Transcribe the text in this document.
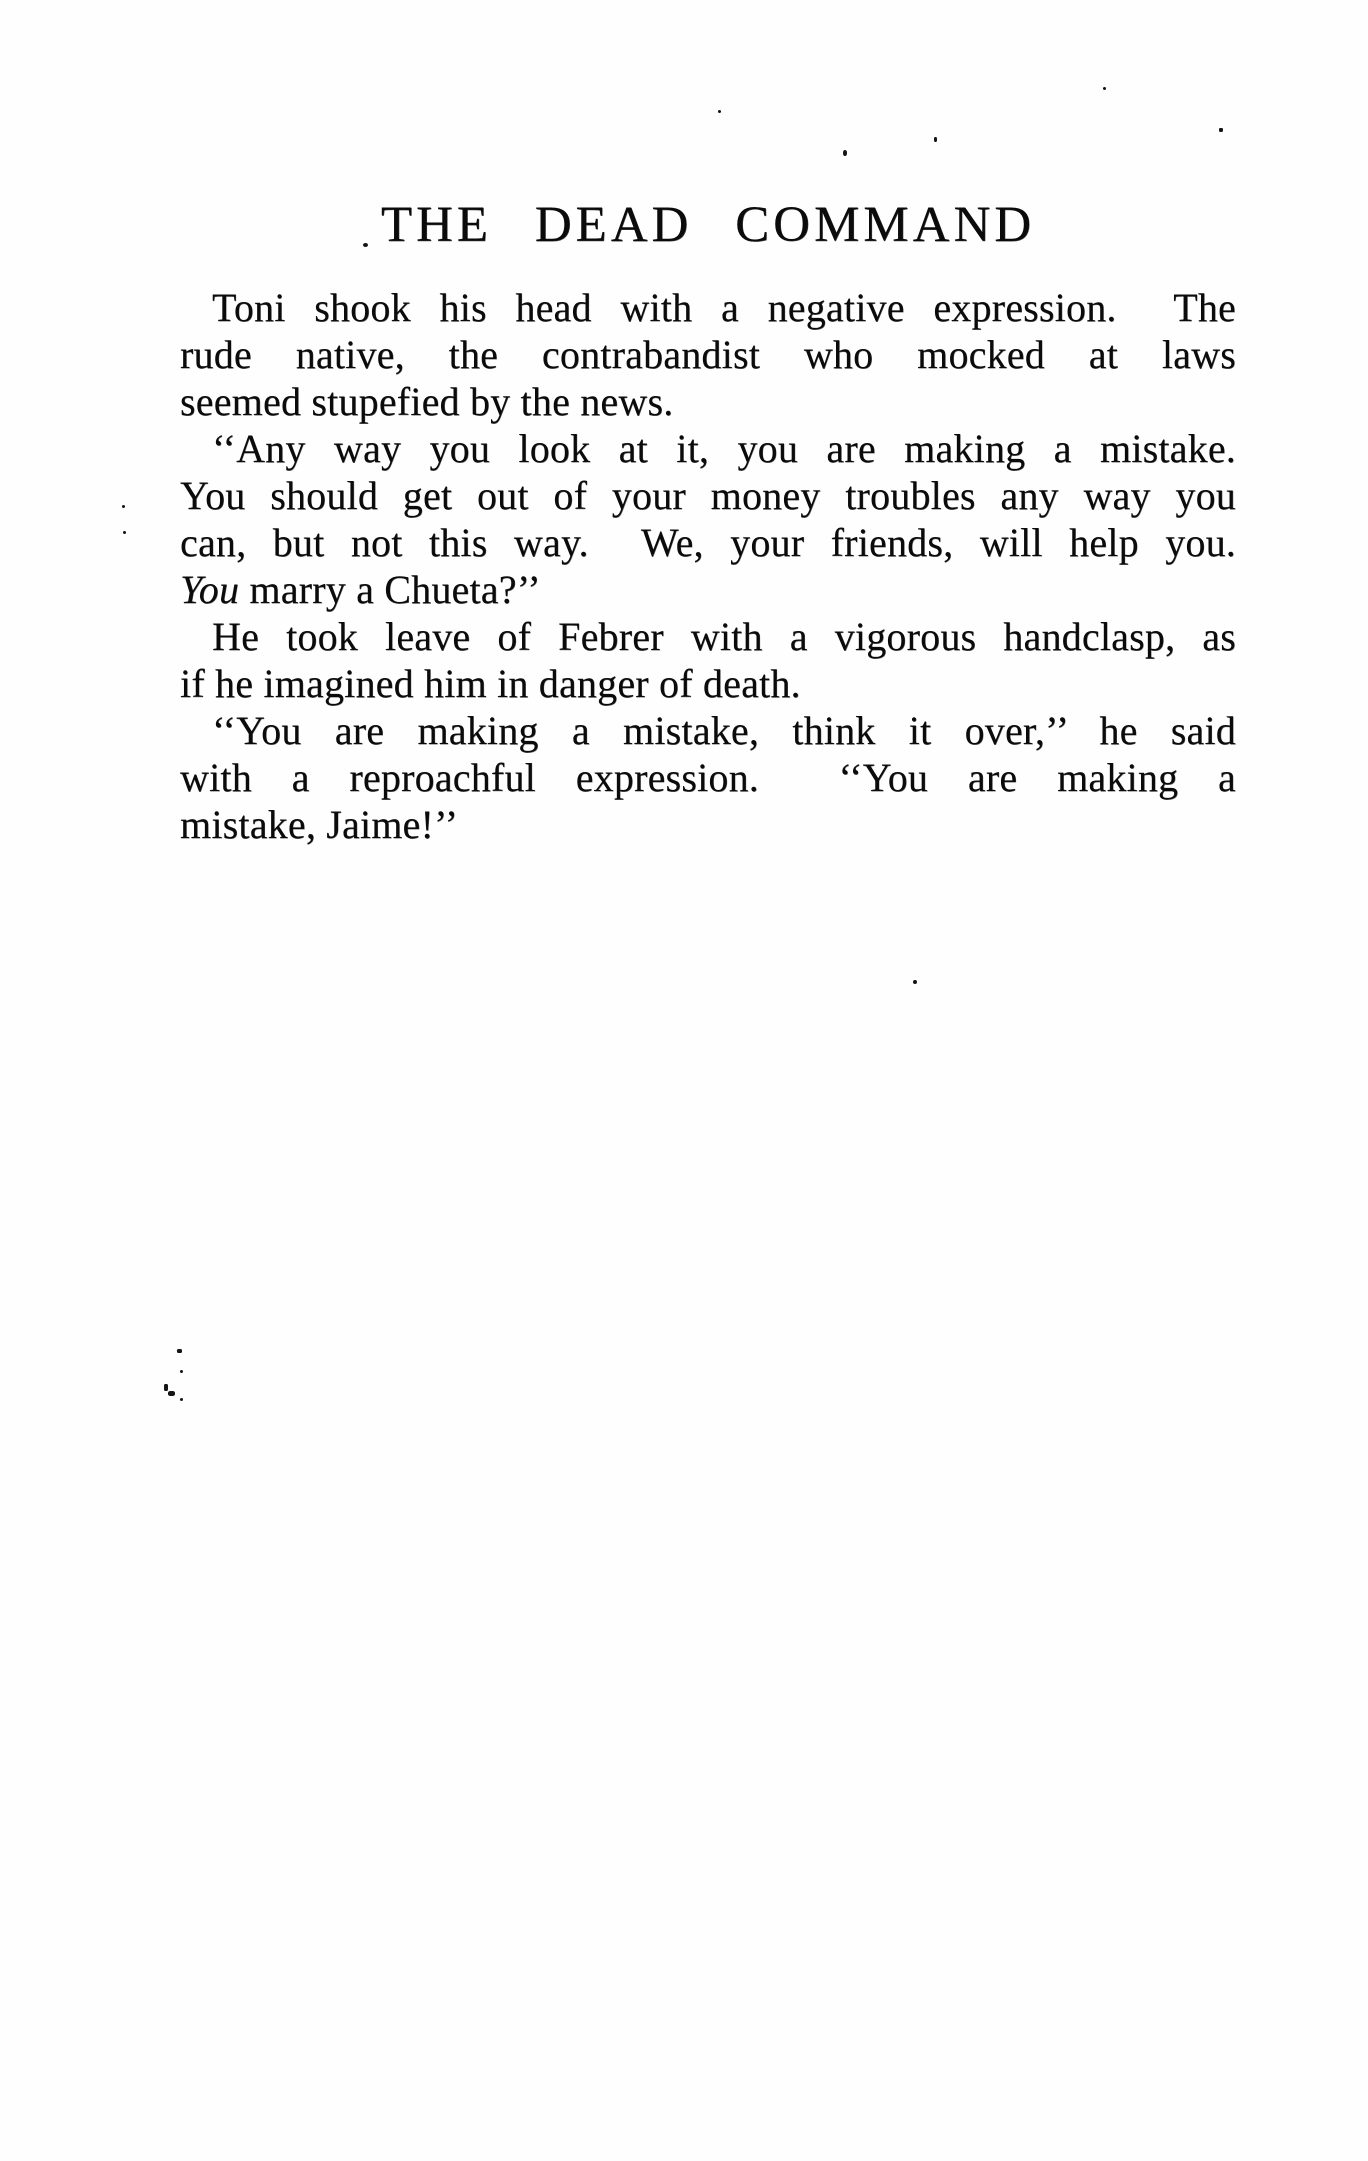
THE DEAD COMMAND
Toni shook his head with a negative expression.  The
rude native, the contrabandist who mocked at laws
seemed stupefied by the news.
‘‘Any way you look at it, you are making a mistake.
You should get out of your money troubles any way you
can, but not this way.  We, your friends, will help you.
You marry a Chueta?’’
He took leave of Febrer with a vigorous handclasp, as
if he imagined him in danger of death.
‘‘You are making a mistake, think it over,’’ he said
with a reproachful expression.  ‘‘You are making a
mistake, Jaime!’’
